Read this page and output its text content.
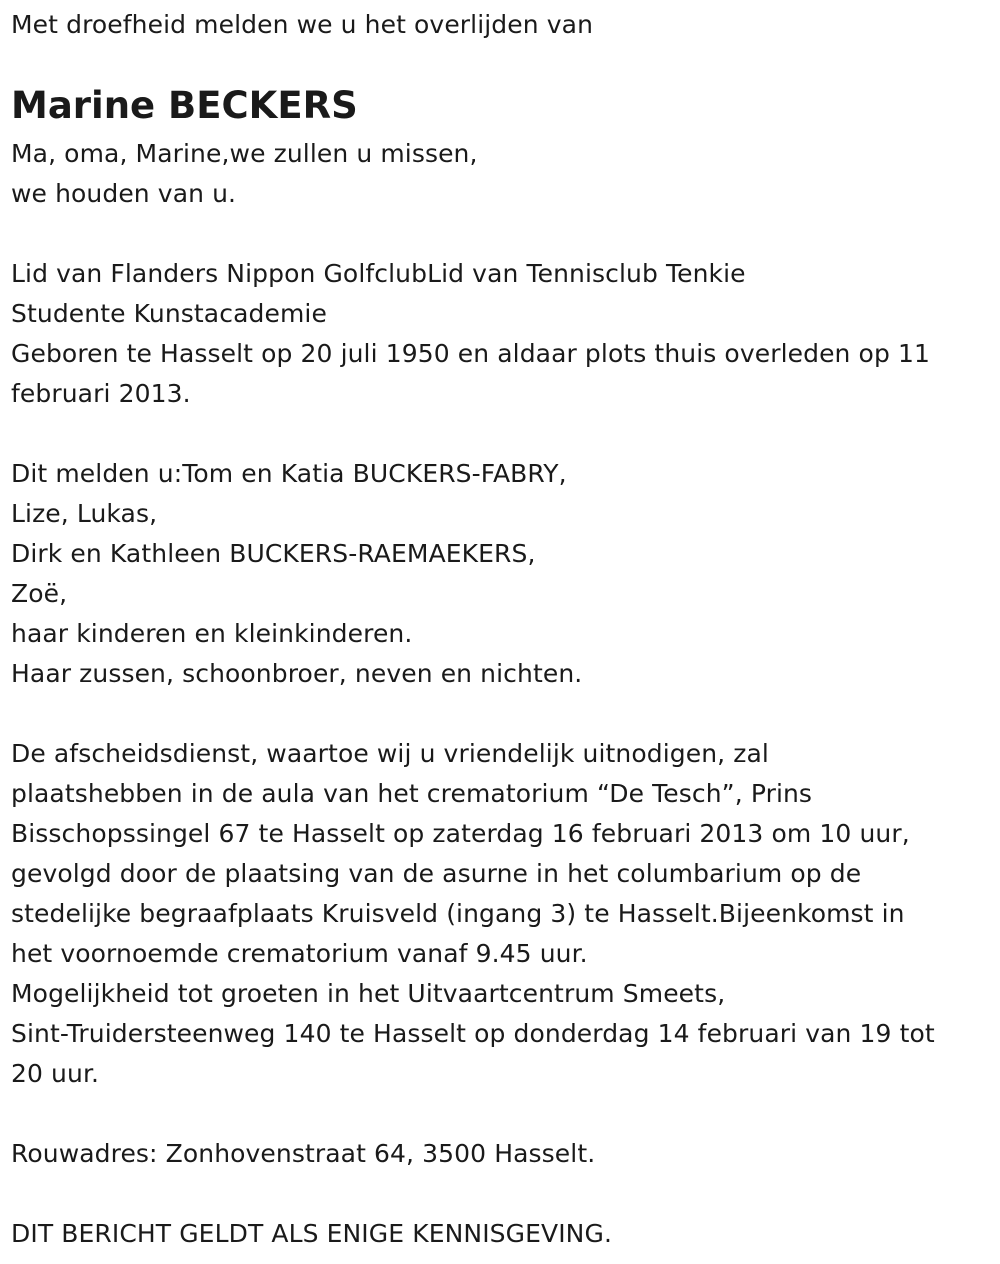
Met droefheid melden we u het overlijden van
Marine BECKERS
Ma, oma, Marine,we zullen u missen,
we houden van u.
Lid van Flanders Nippon GolfclubLid van Tennisclub Tenkie
Studente Kunstacademie
Geboren te Hasselt op 20 juli 1950 en aldaar plots thuis overleden op 11
februari 2013.
Dit melden u:Tom en Katia BUCKERS-FABRY,
Lize, Lukas,
Dirk en Kathleen BUCKERS-RAEMAEKERS,
Zoë,
haar kinderen en kleinkinderen.
Haar zussen, schoonbroer, neven en nichten.
De afscheidsdienst, waartoe wij u vriendelijk uitnodigen, zal
plaatshebben in de aula van het crematorium “De Tesch”, Prins
Bisschopssingel 67 te Hasselt op zaterdag 16 februari 2013 om 10 uur,
gevolgd door de plaatsing van de asurne in het columbarium op de
stedelijke begraafplaats Kruisveld (ingang 3) te Hasselt.Bijeenkomst in
het voornoemde crematorium vanaf 9.45 uur.
Mogelijkheid tot groeten in het Uitvaartcentrum Smeets,
Sint-Truidersteenweg 140 te Hasselt op donderdag 14 februari van 19 tot
20 uur.
Rouwadres: Zonhovenstraat 64, 3500 Hasselt.
DIT BERICHT GELDT ALS ENIGE KENNISGEVING.
